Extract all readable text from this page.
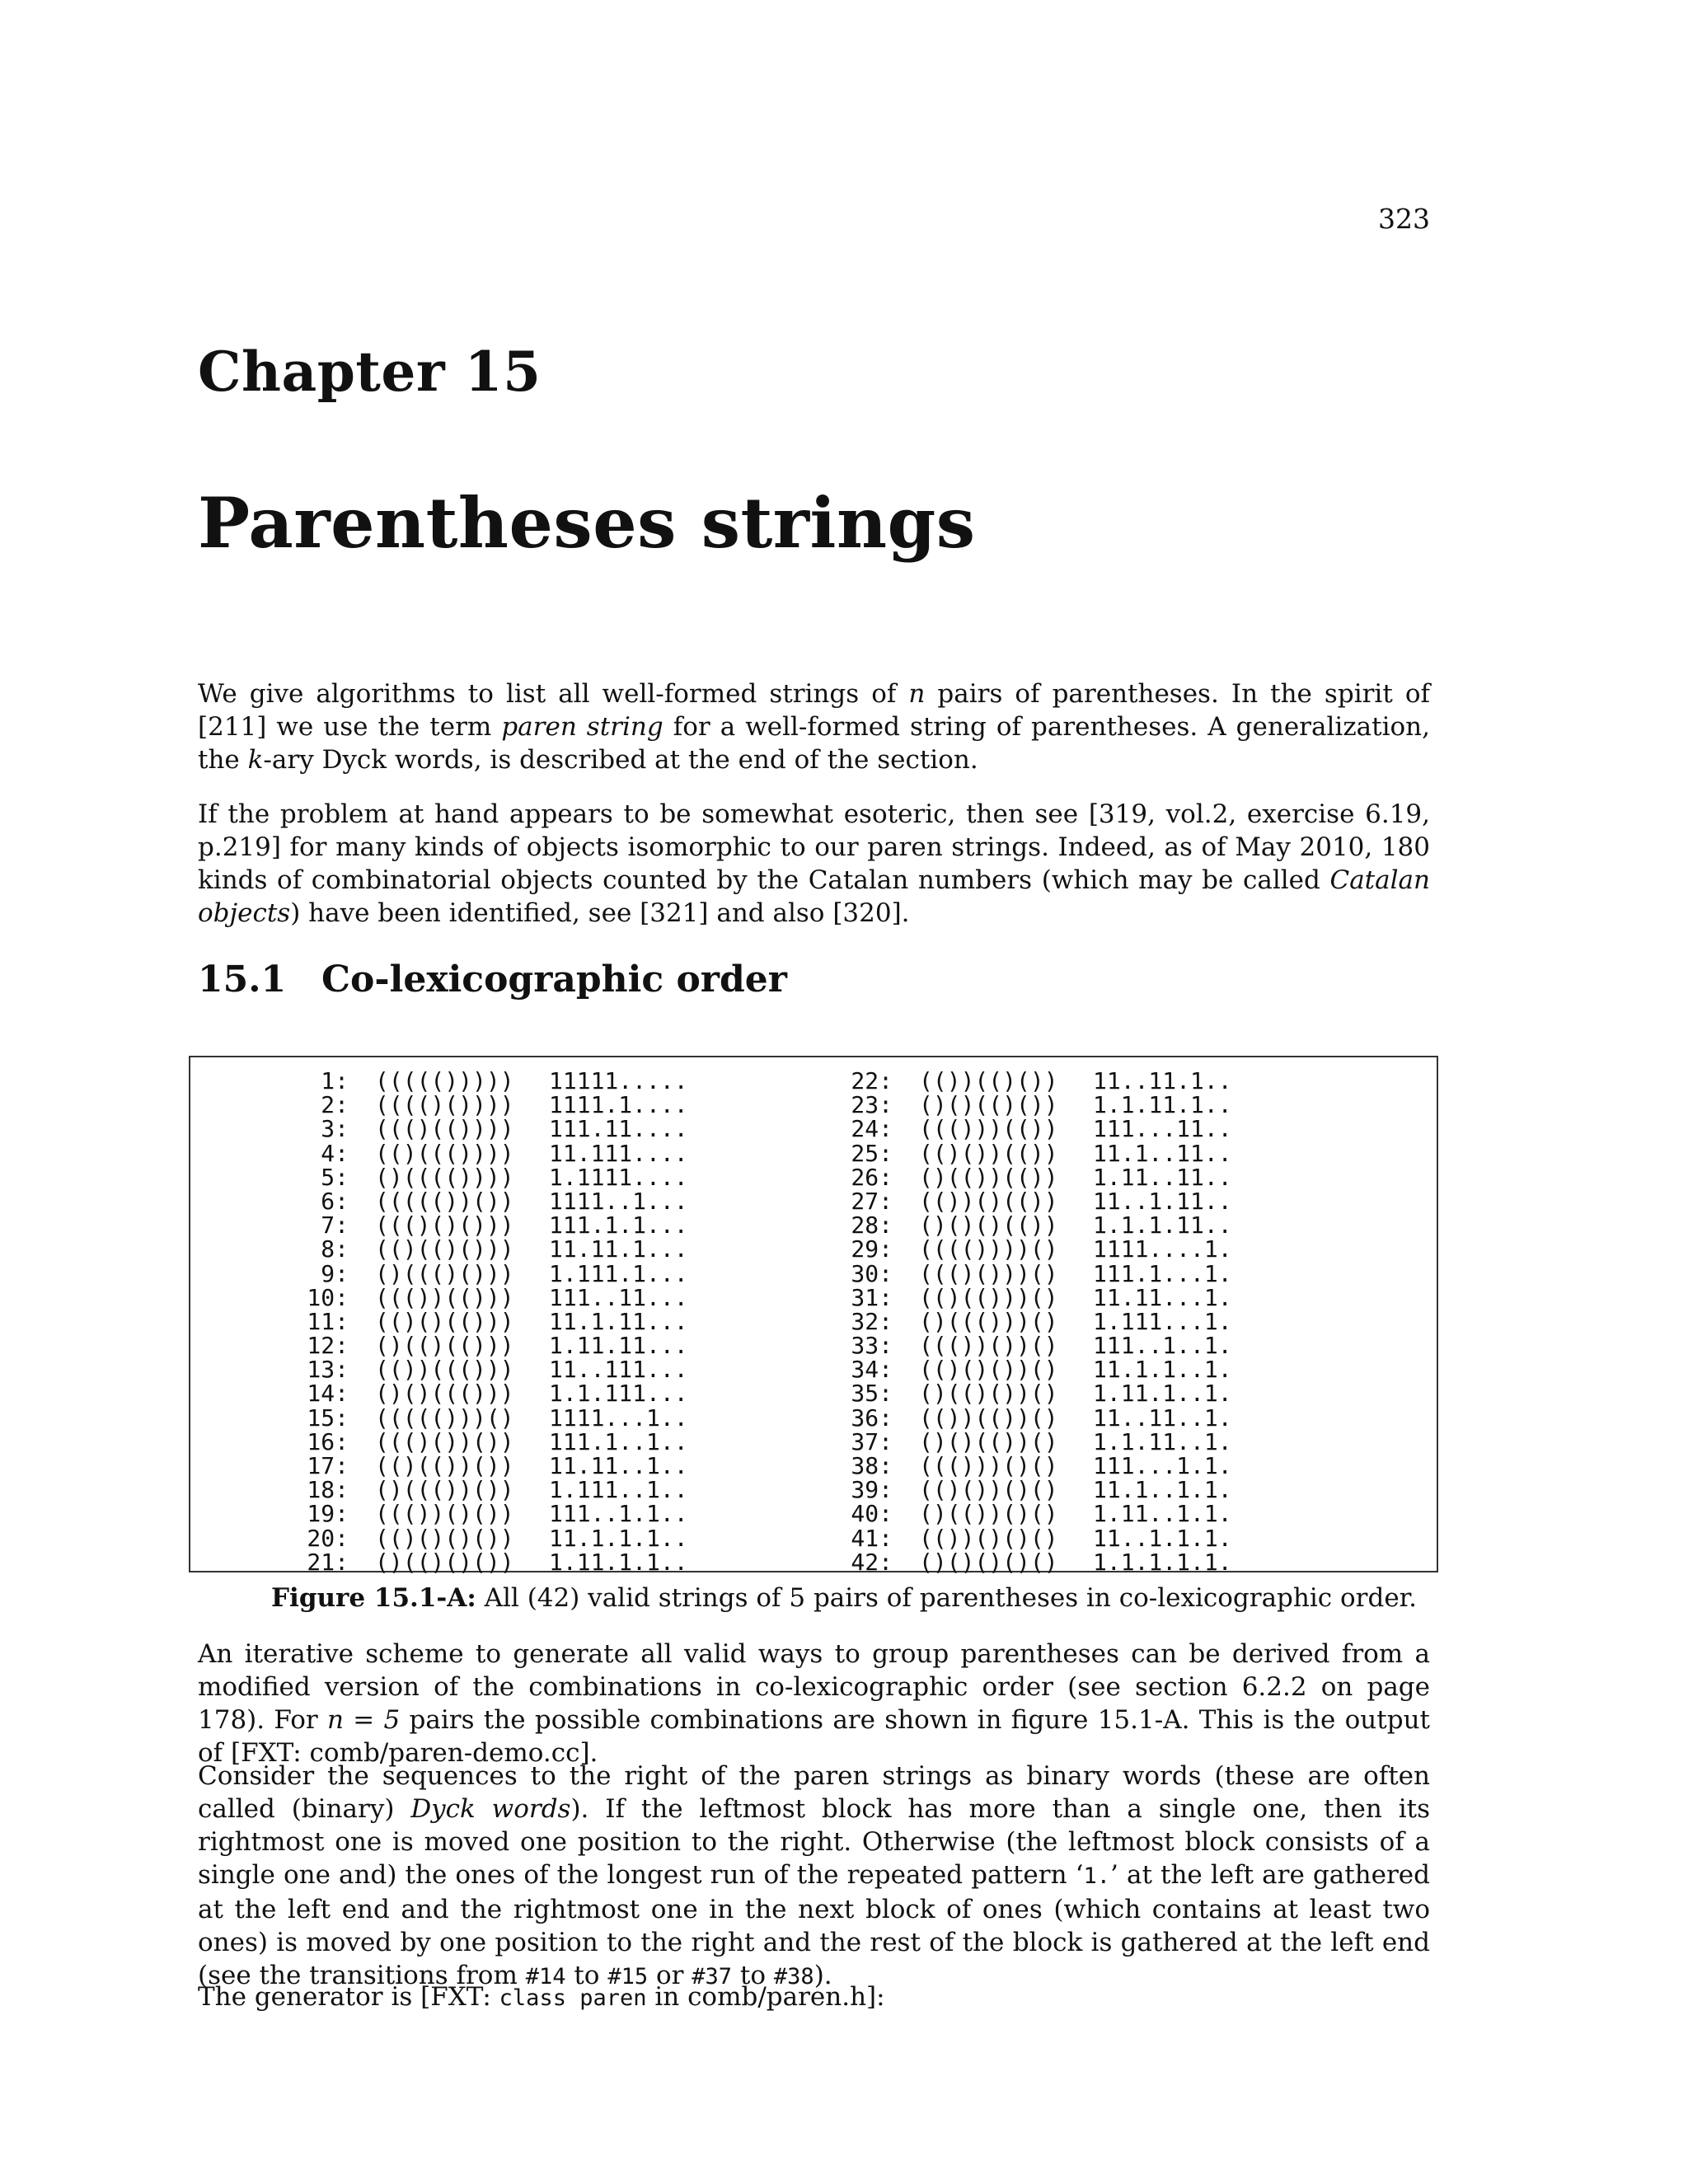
323
Chapter 15
Parentheses strings
We give algorithms to list all well-formed strings of n pairs of parentheses. In the spirit of [211] we use the term paren string for a well-formed string of parentheses. A generalization, the k-ary Dyck words, is described at the end of the section.
If the problem at hand appears to be somewhat esoteric, then see [319, vol.2, exercise 6.19, p.219] for many kinds of objects isomorphic to our paren strings. Indeed, as of May 2010, 180 kinds of combinatorial objects counted by the Catalan numbers (which may be called Catalan objects) have been identified, see [321] and also [320].
15.1 Co-lexicographic order
1: ((((()))))	11111.....
2: (((()())))	1111.1....
3: ((()(())))	111.11....
4: (()((())))	11.111....
5: ()(((())))	1.1111....
6: ((((())())	1111..1...
7: ((()()()))	111.1.1...
8: (()(()()))	11.11.1...
9: ()((()()))	1.111.1...
10: ((())(()))	111..11...
11: (()()(()))	11.1.11...
12: ()(()(()))	1.11.11...
13: (())((()))	11..111...
14: ()()((()))	1.1.111...
15: ((((()))()	1111...1..
16: ((()())())	111.1..1..
17: (()(())())	11.11..1..
18: ()((())())	1.111..1..
19: ((())()())	111..1.1..
20: (()()()())	11.1.1.1..
21: ()(()()())	1.11.1.1..
22: (())(()())	11..11.1..
23: ()()(()())	1.1.11.1..
24: ((()))(())	111...11..
25: (()())(())	11.1..11..
26: ()(())(())	1.11..11..
27: (())()(())	11..1.11..
28: ()()()(())	1.1.1.11..
29: (((())))()	1111....1.
30: ((()()))()	111.1...1.
31: (()(()))()	11.11...1.
32: ()((()))()	1.111...1.
33: ((())())()	111..1..1.
34: (()()())()	11.1.1..1.
35: ()(()())()	1.11.1..1.
36: (())(())()	11..11..1.
37: ()()(())()	1.1.11..1.
38: ((()))()()	111...1.1.
39: (()())()()	11.1..1.1.
40: ()(())()()	1.11..1.1.
41: (())()()()	11..1.1.1.
42: ()()()()()	1.1.1.1.1.
Figure 15.1-A: All (42) valid strings of 5 pairs of parentheses in co-lexicographic order.
An iterative scheme to generate all valid ways to group parentheses can be derived from a modified version of the combinations in co-lexicographic order (see section 6.2.2 on page 178). For n = 5 pairs the possible combinations are shown in figure 15.1-A. This is the output of [FXT: comb/paren-demo.cc].
Consider the sequences to the right of the paren strings as binary words (these are often called (binary) Dyck words). If the leftmost block has more than a single one, then its rightmost one is moved one position to the right. Otherwise (the leftmost block consists of a single one and) the ones of the longest run of the repeated pattern ‘1.’ at the left are gathered at the left end and the rightmost one in the next block of ones (which contains at least two ones) is moved by one position to the right and the rest of the block is gathered at the left end (see the transitions from #14 to #15 or #37 to #38).
The generator is [FXT: class paren in comb/paren.h]:
